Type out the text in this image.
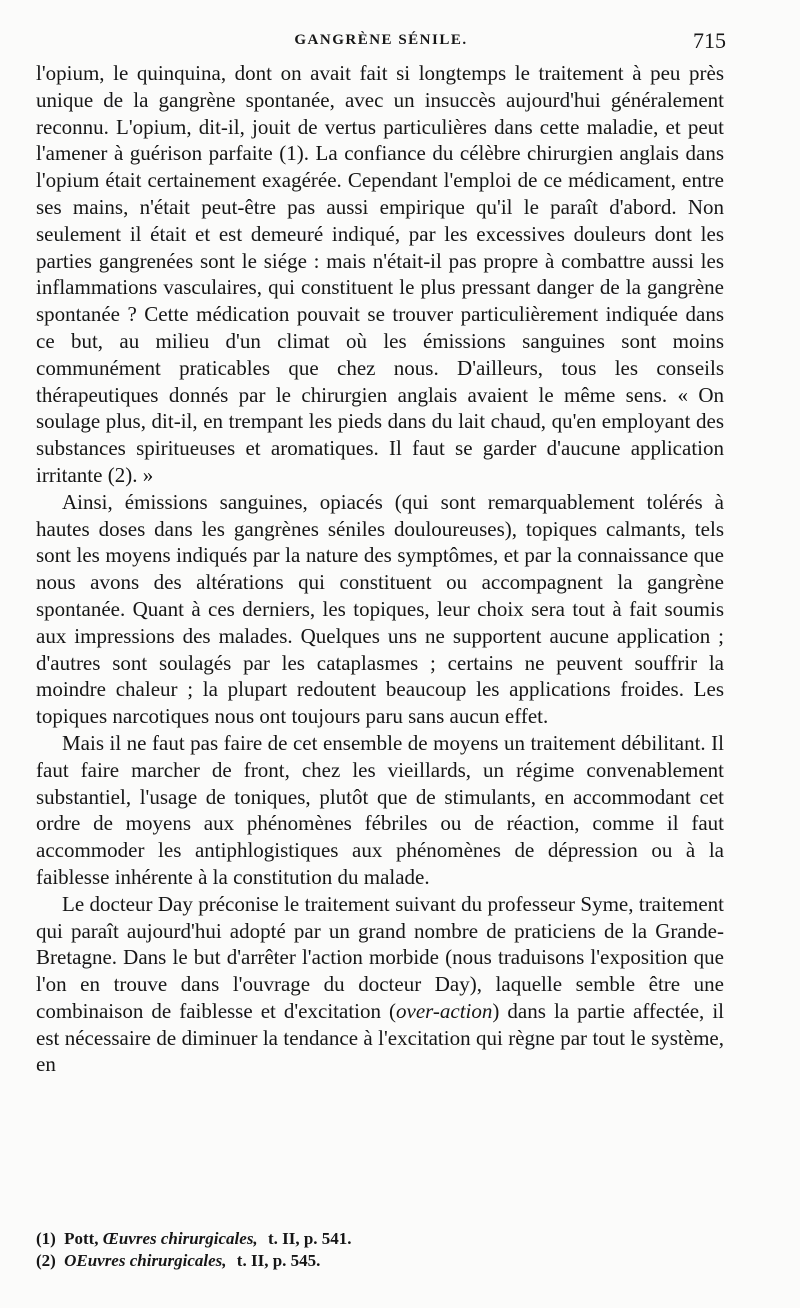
GANGRÈNE SÉNILE.	715

l'opium, le quinquina, dont on avait fait si longtemps le traitement à peu près unique de la gangrène spontanée, avec un insuccès aujourd'hui généralement reconnu. L'opium, dit-il, jouit de vertus particulières dans cette maladie, et peut l'amener à guérison parfaite (1). La confiance du célèbre chirurgien anglais dans l'opium était certainement exagérée. Cependant l'emploi de ce médicament, entre ses mains, n'était peut-être pas aussi empirique qu'il le paraît d'abord. Non seulement il était et est demeuré indiqué, par les excessives douleurs dont les parties gangrenées sont le siége : mais n'était-il pas propre à combattre aussi les inflammations vasculaires, qui constituent le plus pressant danger de la gangrène spontanée ? Cette médication pouvait se trouver particulièrement indiquée dans ce but, au milieu d'un climat où les émissions sanguines sont moins communément praticables que chez nous. D'ailleurs, tous les conseils thérapeutiques donnés par le chirurgien anglais avaient le même sens. « On soulage plus, dit-il, en trempant les pieds dans du lait chaud, qu'en employant des substances spiritueuses et aromatiques. Il faut se garder d'aucune application irritante (2). »

Ainsi, émissions sanguines, opiacés (qui sont remarquablement tolérés à hautes doses dans les gangrènes séniles douloureuses), topiques calmants, tels sont les moyens indiqués par la nature des symptômes, et par la connaissance que nous avons des altérations qui constituent ou accompagnent la gangrène spontanée. Quant à ces derniers, les topiques, leur choix sera tout à fait soumis aux impressions des malades. Quelques uns ne supportent aucune application ; d'autres sont soulagés par les cataplasmes ; certains ne peuvent souffrir la moindre chaleur ; la plupart redoutent beaucoup les applications froides. Les topiques narcotiques nous ont toujours paru sans aucun effet.

Mais il ne faut pas faire de cet ensemble de moyens un traitement débilitant. Il faut faire marcher de front, chez les vieillards, un régime convenablement substantiel, l'usage de toniques, plutôt que de stimulants, en accommodant cet ordre de moyens aux phénomènes fébriles ou de réaction, comme il faut accommoder les antiphlogistiques aux phénomènes de dépression ou à la faiblesse inhérente à la constitution du malade.

Le docteur Day préconise le traitement suivant du professeur Syme, traitement qui paraît aujourd'hui adopté par un grand nombre de praticiens de la Grande-Bretagne. Dans le but d'arrêter l'action morbide (nous traduisons l'exposition que l'on en trouve dans l'ouvrage du docteur Day), laquelle semble être une combinaison de faiblesse et d'excitation (over-action) dans la partie affectée, il est nécessaire de diminuer la tendance à l'excitation qui règne par tout le système, en

(1) Pott, Œuvres chirurgicales, t. II, p. 541.
(2) OEuvres chirurgicales, t. II, p. 545.
